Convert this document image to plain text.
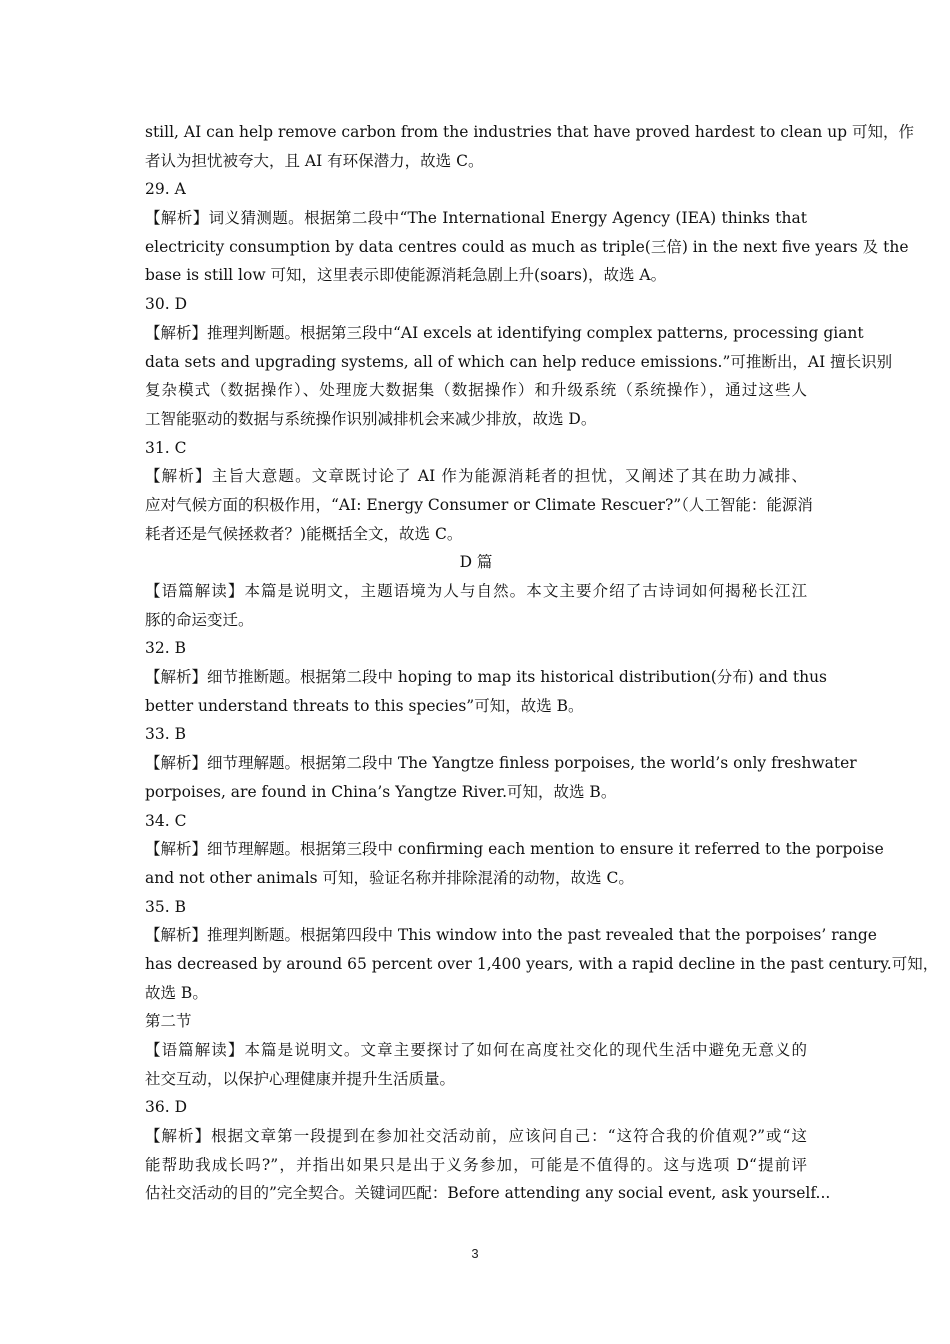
still, AI can help remove carbon from the industries that have proved hardest to clean up 可知，作
者认为担忧被夸大，且 AI 有环保潜力，故选 C。
29. A
【解析】词义猜测题。根据第二段中“The International Energy Agency (IEA) thinks that
electricity consumption by data centres could as much as triple(三倍) in the next five years 及 the
base is still low 可知，这里表示即使能源消耗急剧上升(soars)，故选 A。
30. D
【解析】推理判断题。根据第三段中“AI excels at identifying complex patterns, processing giant
data sets and upgrading systems, all of which can help reduce emissions.”可推断出，AI 擅长识别
复杂模式（数据操作）、处理庞大数据集（数据操作）和升级系统（系统操作），通过这些人
工智能驱动的数据与系统操作识别减排机会来减少排放，故选 D。
31. C
【解析】主旨大意题。文章既讨论了 AI 作为能源消耗者的担忧，又阐述了其在助力减排、
应对气候方面的积极作用，“AI: Energy Consumer or Climate Rescuer?”（人工智能：能源消
耗者还是气候拯救者？)能概括全文，故选 C。
D 篇
【语篇解读】本篇是说明文，主题语境为人与自然。本文主要介绍了古诗词如何揭秘长江江
豚的命运变迁。
32. B
【解析】细节推断题。根据第二段中 hoping to map its historical distribution(分布) and thus
better understand threats to this species”可知，故选 B。
33. B
【解析】细节理解题。根据第二段中 The Yangtze finless porpoises, the world’s only freshwater
porpoises, are found in China’s Yangtze River.可知，故选 B。
34. C
【解析】细节理解题。根据第三段中 confirming each mention to ensure it referred to the porpoise
and not other animals 可知，验证名称并排除混淆的动物，故选 C。
35. B
【解析】推理判断题。根据第四段中 This window into the past revealed that the porpoises’ range
has decreased by around 65 percent over 1,400 years, with a rapid decline in the past century.可知，
故选 B。
第二节
【语篇解读】本篇是说明文。文章主要探讨了如何在高度社交化的现代生活中避免无意义的
社交互动，以保护心理健康并提升生活质量。
36. D
【解析】根据文章第一段提到在参加社交活动前，应该问自己：“这符合我的价值观?”或“这
能帮助我成长吗?”，并指出如果只是出于义务参加，可能是不值得的。这与选项 D“提前评
估社交活动的目的”完全契合。关键词匹配：Before attending any social event, ask yourself...
3
